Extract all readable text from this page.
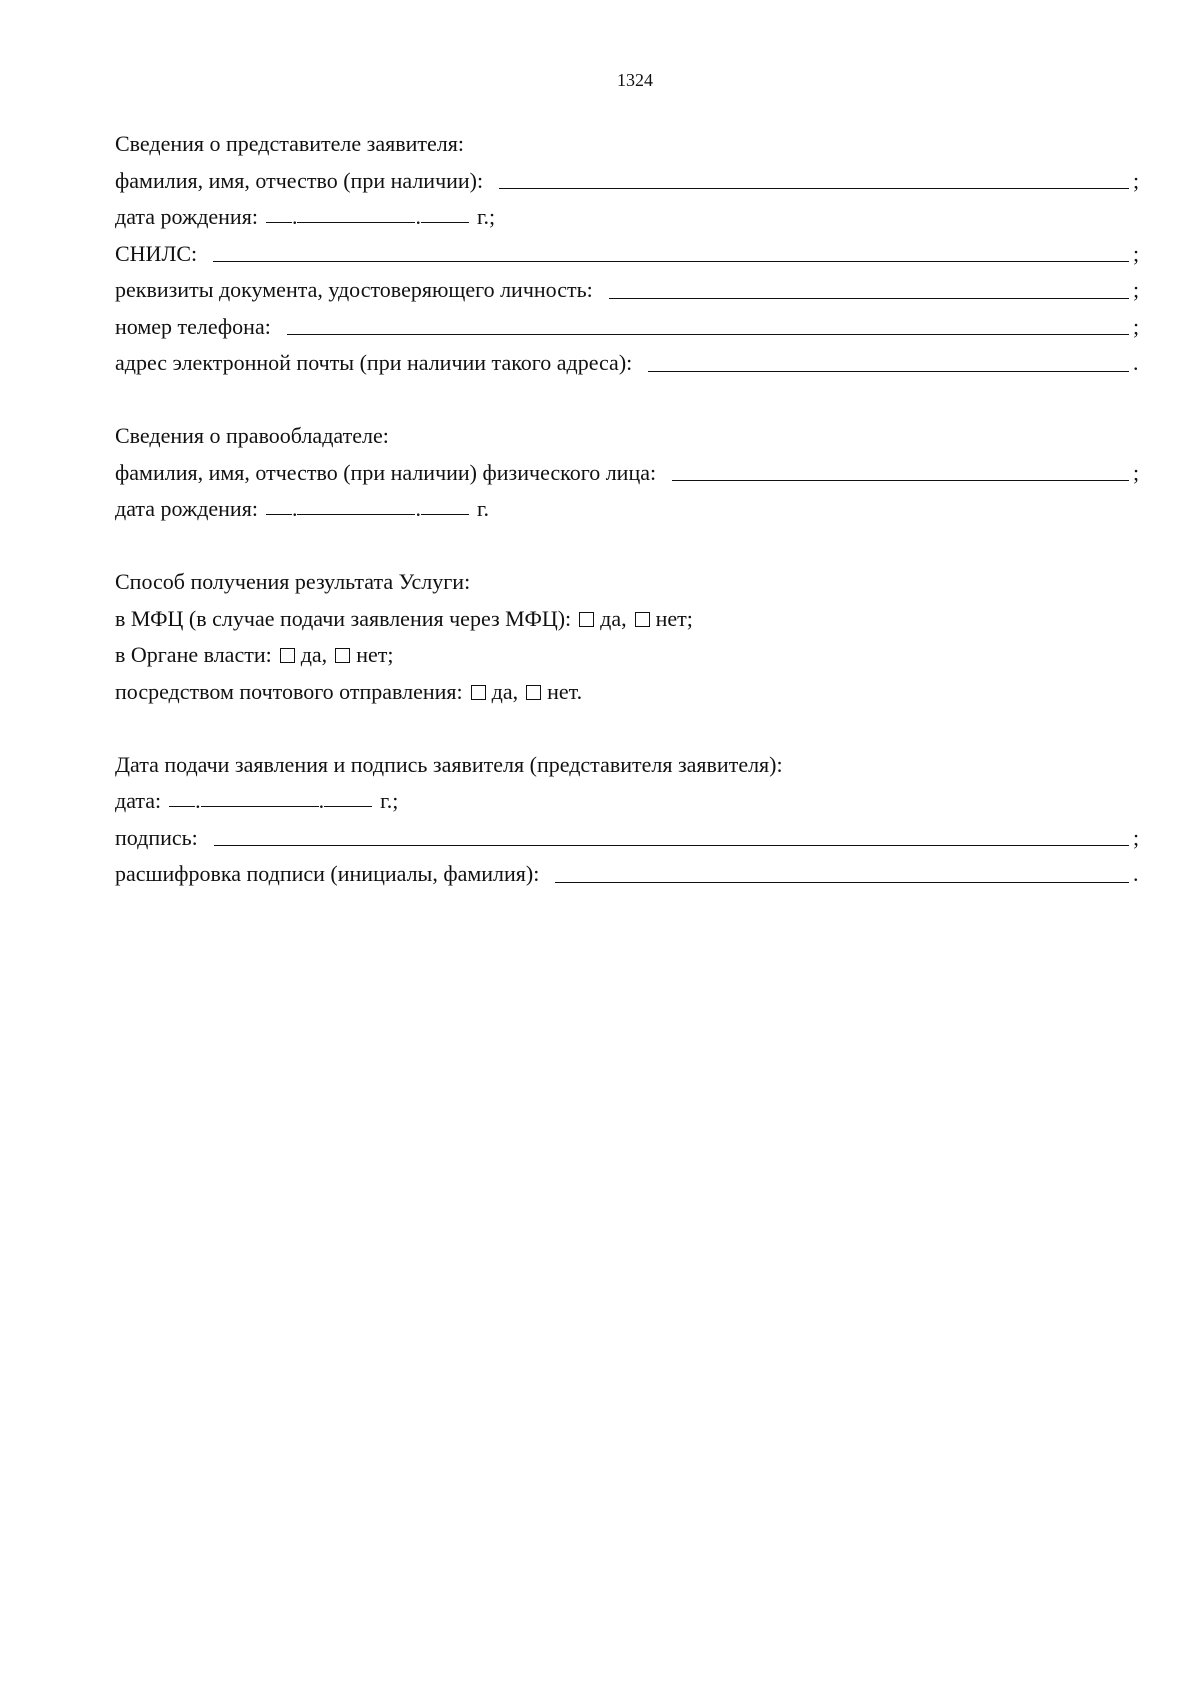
1324
Сведения о представителе заявителя:
фамилия, имя, отчество (при наличии):	;
дата рождения: .	.	г.;
СНИЛС:	;
реквизиты документа, удостоверяющего личность:	;
номер телефона:	;
адрес электронной почты (при наличии такого адреса):	.
Сведения о правообладателе:
фамилия, имя, отчество (при наличии) физического лица:	;
дата рождения: .	.	г.
Способ получения результата Услуги:
в МФЦ (в случае подачи заявления через МФЦ): да, нет;
в Органе власти: да, нет;
посредством почтового отправления: да, нет.
Дата подачи заявления и подпись заявителя (представителя заявителя):
дата: .	.	г.;
подпись:	;
расшифровка подписи (инициалы, фамилия):	.
